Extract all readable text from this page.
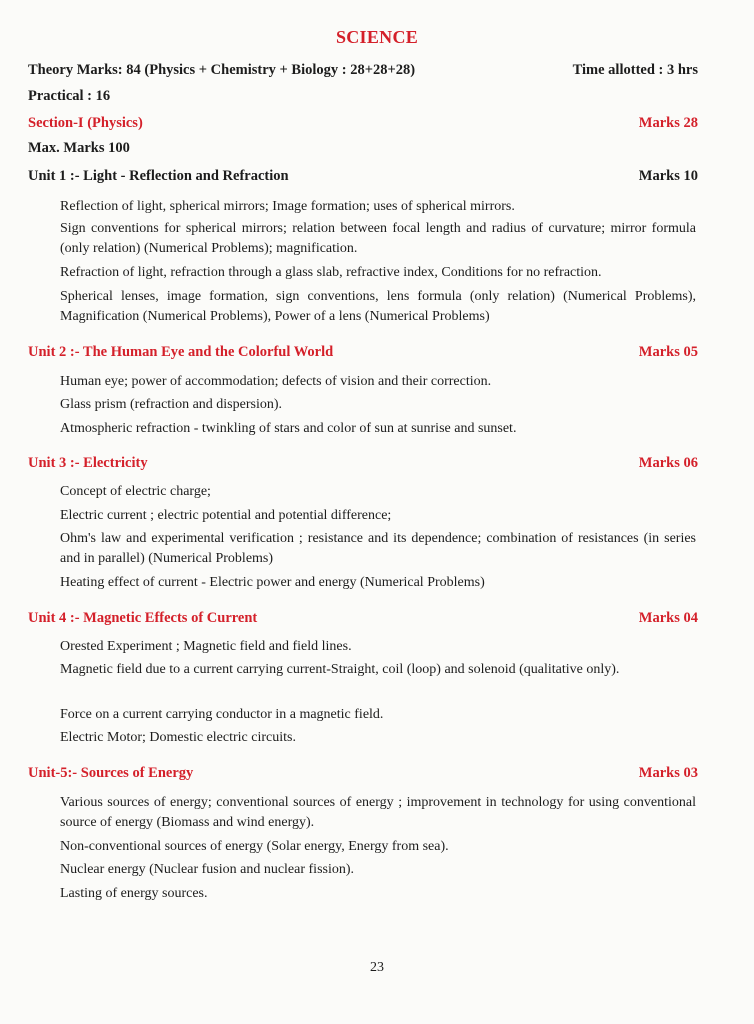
SCIENCE
Theory Marks: 84 (Physics + Chemistry + Biology : 28+28+28)	Time allotted : 3 hrs
Practical : 16
Section-I (Physics)	Marks 28
Max. Marks 100
Unit 1 :- Light - Reflection and Refraction	Marks 10
Reflection of light, spherical mirrors; Image formation; uses of spherical mirrors.
Sign conventions for spherical mirrors; relation between focal length and radius of curvature; mirror formula (only relation) (Numerical Problems); magnification.
Refraction of light, refraction through a glass slab, refractive index, Conditions for no refraction.
Spherical lenses, image formation, sign conventions, lens formula (only relation) (Numerical Problems), Magnification (Numerical Problems), Power of a lens (Numerical Problems)
Unit 2 :- The Human Eye and the Colorful World	Marks 05
Human eye; power of accommodation; defects of vision and their correction.
Glass prism (refraction and dispersion).
Atmospheric refraction - twinkling of stars and color of sun at sunrise and sunset.
Unit 3 :- Electricity	Marks 06
Concept of electric charge;
Electric current ; electric potential and potential difference;
Ohm's law and experimental verification ; resistance and its dependence; combination of resistances (in series and in parallel) (Numerical Problems)
Heating effect of current - Electric power and energy (Numerical Problems)
Unit 4 :- Magnetic Effects of Current	Marks 04
Orested Experiment ; Magnetic field and field lines.
Magnetic field due to a current carrying current-Straight, coil (loop) and solenoid (qualitative only).
Force on a current carrying conductor in a magnetic field.
Electric Motor; Domestic electric circuits.
Unit-5:- Sources of Energy	Marks 03
Various sources of energy; conventional sources of energy ; improvement in technology for using conventional source of energy (Biomass and wind energy).
Non-conventional sources of energy (Solar energy, Energy from sea).
Nuclear energy (Nuclear fusion and nuclear fission).
Lasting of energy sources.
23
